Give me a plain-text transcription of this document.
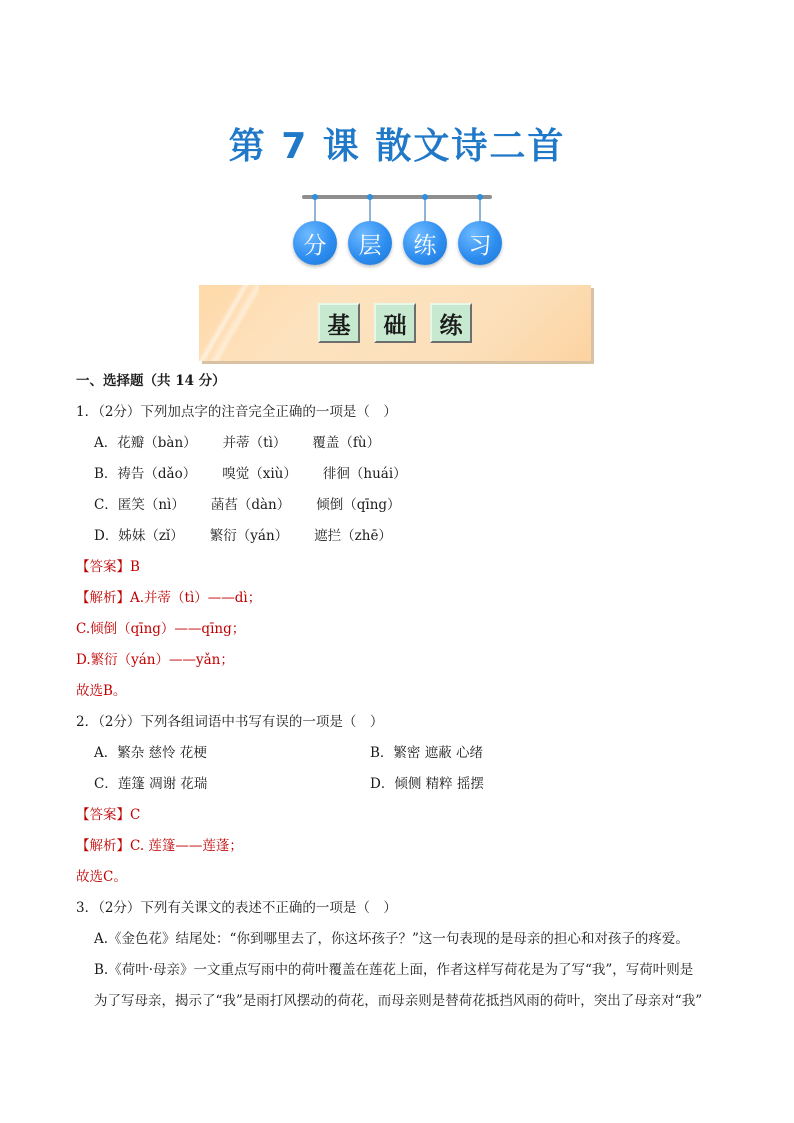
第 7 课 散文诗二首
分	层	练	习
基	础	练
一、选择题（共 14 分）
1．（2分）下列加点字的注音完全正确的一项是（　）
A．花瓣（bàn） 并蒂（tì） 覆盖（fù）
B．祷告（dǎo） 嗅觉（xiù） 徘徊（huái）
C．匿笑（nì） 菡萏（dàn） 倾倒（qīng）
D．姊妹（zǐ） 繁衍（yán） 遮拦（zhē）
【答案】B
【解析】A.并蒂（tì）——dì；
C.倾倒（qīng）——qīng；
D.繁衍（yán）——yǎn；
故选B。
2．（2分）下列各组词语中书写有误的一项是（　）
A．繁杂 慈怜 花梗	B．繁密 遮蔽 心绪
C．莲篷 凋谢 花瑞	D．倾侧 精粹 摇摆
【答案】C
【解析】C. 莲篷——莲蓬；
故选C。
3．（2分）下列有关课文的表述不正确的一项是（　）
A.《金色花》结尾处：“你到哪里去了，你这坏孩子？”这一句表现的是母亲的担心和对孩子的疼爱。
B.《荷叶·母亲》一文重点写雨中的荷叶覆盖在莲花上面，作者这样写荷花是为了写“我”，写荷叶则是
为了写母亲，揭示了“我”是雨打风摆动的荷花，而母亲则是替荷花抵挡风雨的荷叶，突出了母亲对“我”
